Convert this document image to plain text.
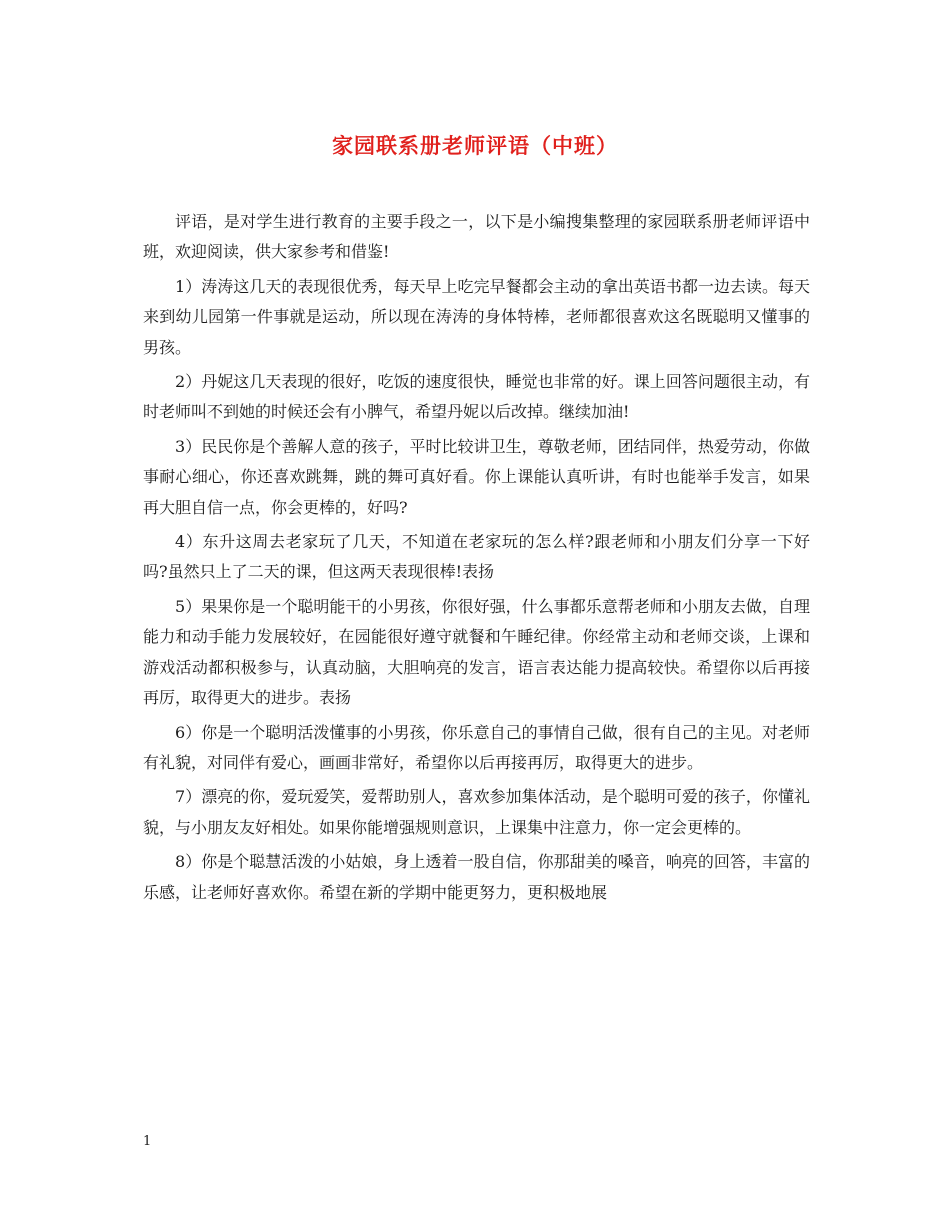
家园联系册老师评语（中班）

评语，是对学生进行教育的主要手段之一，以下是小编搜集整理的家园联系册老师评语中班，欢迎阅读，供大家参考和借鉴!

1）涛涛这几天的表现很优秀，每天早上吃完早餐都会主动的拿出英语书都一边去读。每天来到幼儿园第一件事就是运动，所以现在涛涛的身体特棒，老师都很喜欢这名既聪明又懂事的男孩。

2）丹妮这几天表现的很好，吃饭的速度很快，睡觉也非常的好。课上回答问题很主动，有时老师叫不到她的时候还会有小脾气，希望丹妮以后改掉。继续加油!

3）民民你是个善解人意的孩子，平时比较讲卫生，尊敬老师，团结同伴，热爱劳动，你做事耐心细心，你还喜欢跳舞，跳的舞可真好看。你上课能认真听讲，有时也能举手发言，如果再大胆自信一点，你会更棒的，好吗?

4）东升这周去老家玩了几天，不知道在老家玩的怎么样?跟老师和小朋友们分享一下好吗?虽然只上了二天的课，但这两天表现很棒!表扬

5）果果你是一个聪明能干的小男孩，你很好强，什么事都乐意帮老师和小朋友去做，自理能力和动手能力发展较好，在园能很好遵守就餐和午睡纪律。你经常主动和老师交谈，上课和游戏活动都积极参与，认真动脑，大胆响亮的发言，语言表达能力提高较快。希望你以后再接再厉，取得更大的进步。表扬

6）你是一个聪明活泼懂事的小男孩，你乐意自己的事情自己做，很有自己的主见。对老师有礼貌，对同伴有爱心，画画非常好，希望你以后再接再厉，取得更大的进步。

7）漂亮的你，爱玩爱笑，爱帮助别人，喜欢参加集体活动，是个聪明可爱的孩子，你懂礼貌，与小朋友友好相处。如果你能增强规则意识，上课集中注意力，你一定会更棒的。

8）你是个聪慧活泼的小姑娘，身上透着一股自信，你那甜美的嗓音，响亮的回答，丰富的乐感，让老师好喜欢你。希望在新的学期中能更努力，更积极地展

1
